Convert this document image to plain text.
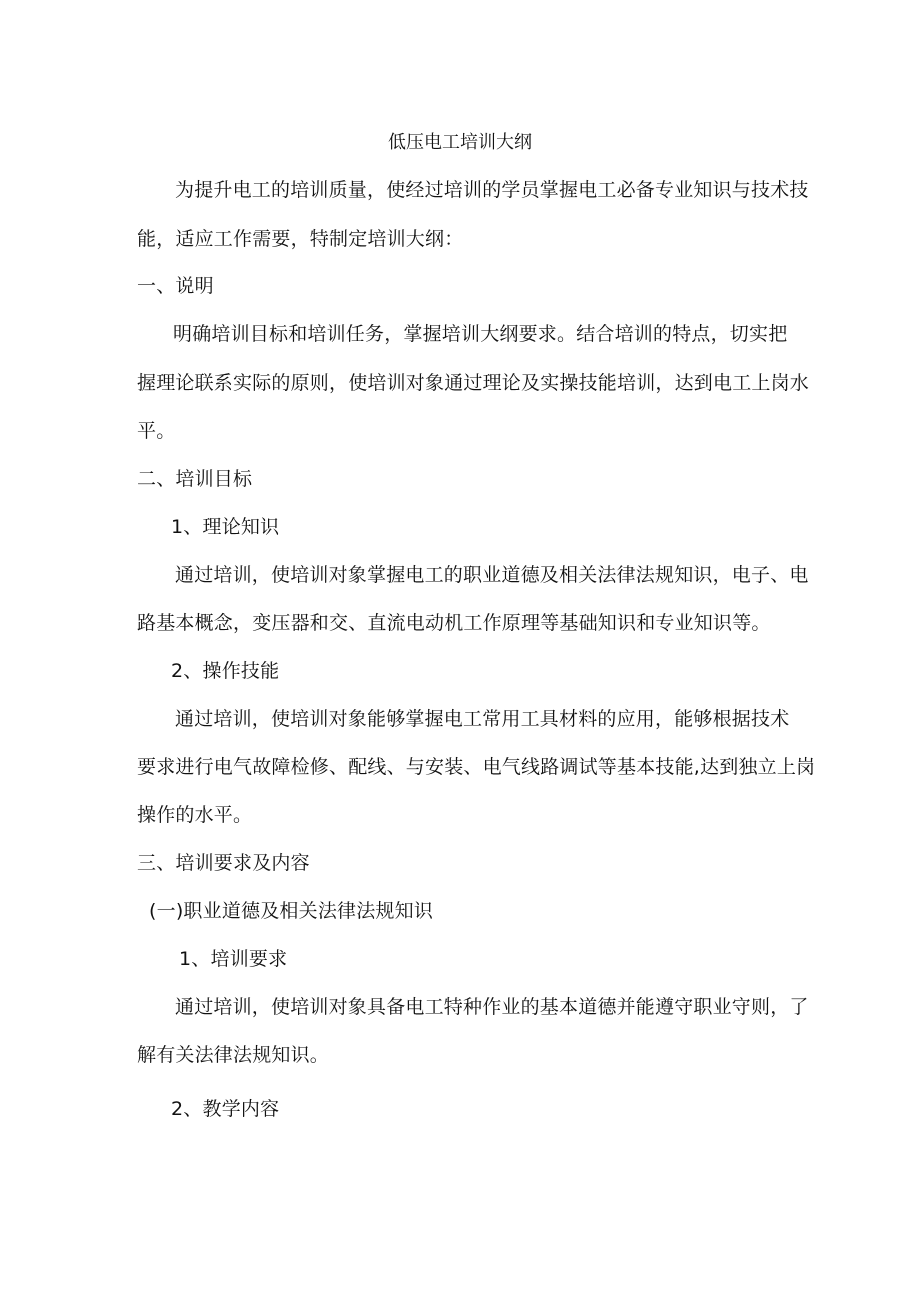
低压电工培训大纲
为提升电工的培训质量，使经过培训的学员掌握电工必备专业知识与技术技
能，适应工作需要，特制定培训大纲：
一、说明
明确培训目标和培训任务，掌握培训大纲要求。结合培训的特点，切实把
握理论联系实际的原则，使培训对象通过理论及实操技能培训，达到电工上岗水
平。
二、培训目标
1、理论知识
通过培训，使培训对象掌握电工的职业道德及相关法律法规知识，电子、电
路基本概念，变压器和交、直流电动机工作原理等基础知识和专业知识等。
2、操作技能
通过培训，使培训对象能够掌握电工常用工具材料的应用，能够根据技术
要求进行电气故障检修、配线、与安装、电气线路调试等基本技能,达到独立上岗
操作的水平。
三、培训要求及内容
(一)职业道德及相关法律法规知识
1、培训要求
通过培训，使培训对象具备电工特种作业的基本道德并能遵守职业守则，了
解有关法律法规知识。
2、教学内容
